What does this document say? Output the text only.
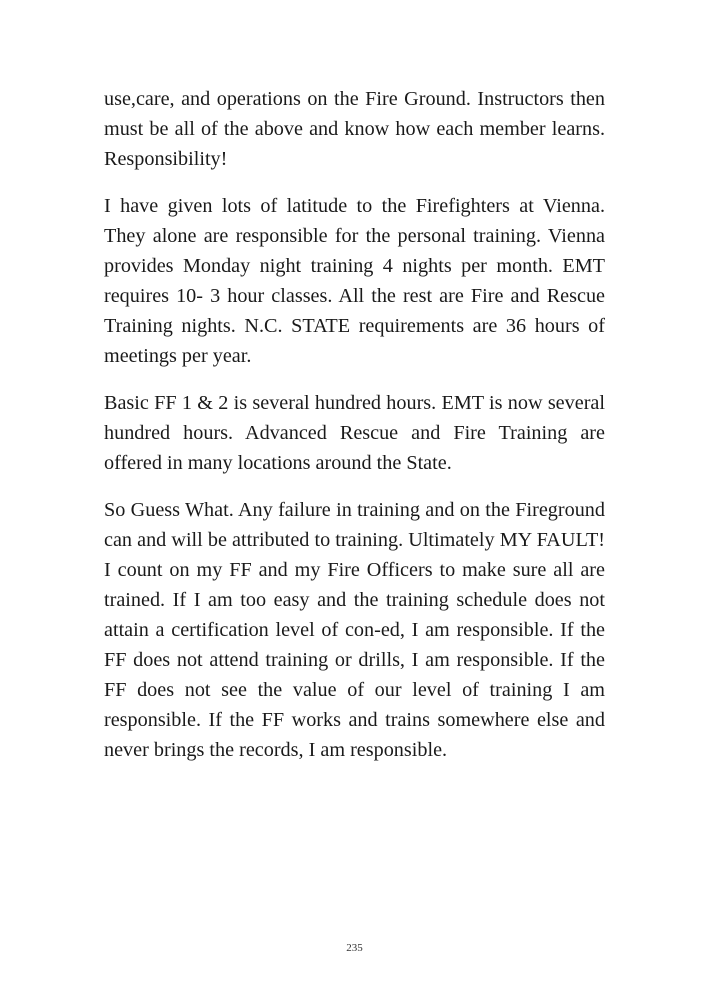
use,care, and operations on the Fire Ground. Instructors then must be all of the above and know how each member learns. Responsibility!

I have given lots of latitude to the Firefighters at Vienna. They alone are responsible for the personal training. Vienna provides Monday night training 4 nights per month. EMT requires 10- 3 hour classes. All the rest are Fire and Rescue Training nights. N.C. STATE requirements are 36 hours of meetings per year.

Basic FF 1 & 2 is several hundred hours. EMT is now several hundred hours. Advanced Rescue and Fire Training are offered in many locations around the State.

So Guess What. Any failure in training and on the Fireground can and will be attributed to training. Ultimately MY FAULT! I count on my FF and my Fire Officers to make sure all are trained. If I am too easy and the training schedule does not attain a certification level of con-ed, I am responsible. If the FF does not attend training or drills, I am responsible. If the FF does not see the value of our level of training I am responsible. If the FF works and trains somewhere else and never brings the records, I am responsible.

235
